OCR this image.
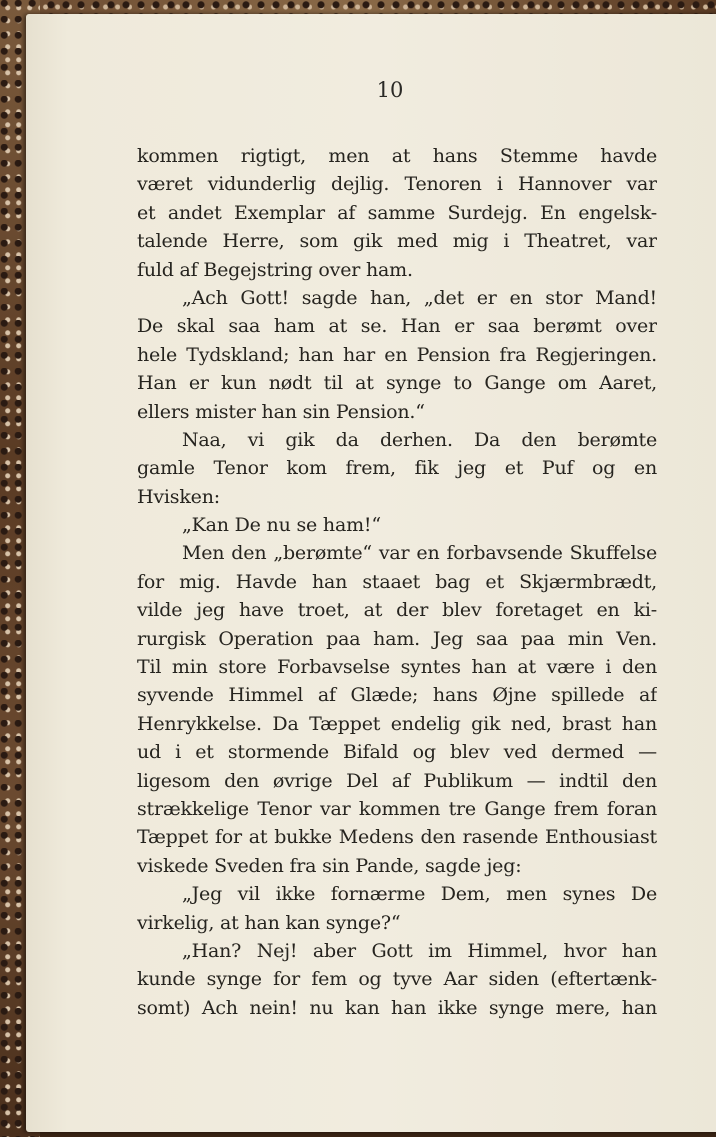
10
kommen rigtigt, men at hans Stemme havde
været vidunderlig dejlig. Tenoren i Hannover var
et andet Exemplar af samme Surdejg. En engelsk-
talende Herre, som gik med mig i Theatret, var
fuld af Begejstring over ham.
„Ach Gott! sagde han, „det er en stor Mand!
De skal saa ham at se. Han er saa berømt over
hele Tydskland; han har en Pension fra Regjeringen.
Han er kun nødt til at synge to Gange om Aaret,
ellers mister han sin Pension.“
Naa, vi gik da derhen. Da den berømte
gamle Tenor kom frem, fik jeg et Puf og en
Hvisken:
„Kan De nu se ham!“
Men den „berømte“ var en forbavsende Skuffelse
for mig. Havde han staaet bag et Skjærmbrædt,
vilde jeg have troet, at der blev foretaget en ki-
rurgisk Operation paa ham. Jeg saa paa min Ven.
Til min store Forbavselse syntes han at være i den
syvende Himmel af Glæde; hans Øjne spillede af
Henrykkelse. Da Tæppet endelig gik ned, brast han
ud i et stormende Bifald og blev ved dermed —
ligesom den øvrige Del af Publikum — indtil den
strækkelige Tenor var kommen tre Gange frem foran
Tæppet for at bukke Medens den rasende Enthousiast
viskede Sveden fra sin Pande, sagde jeg:
„Jeg vil ikke fornærme Dem, men synes De
virkelig, at han kan synge?“
„Han? Nej! aber Gott im Himmel, hvor han
kunde synge for fem og tyve Aar siden (eftertænk-
somt) Ach nein! nu kan han ikke synge mere, han
